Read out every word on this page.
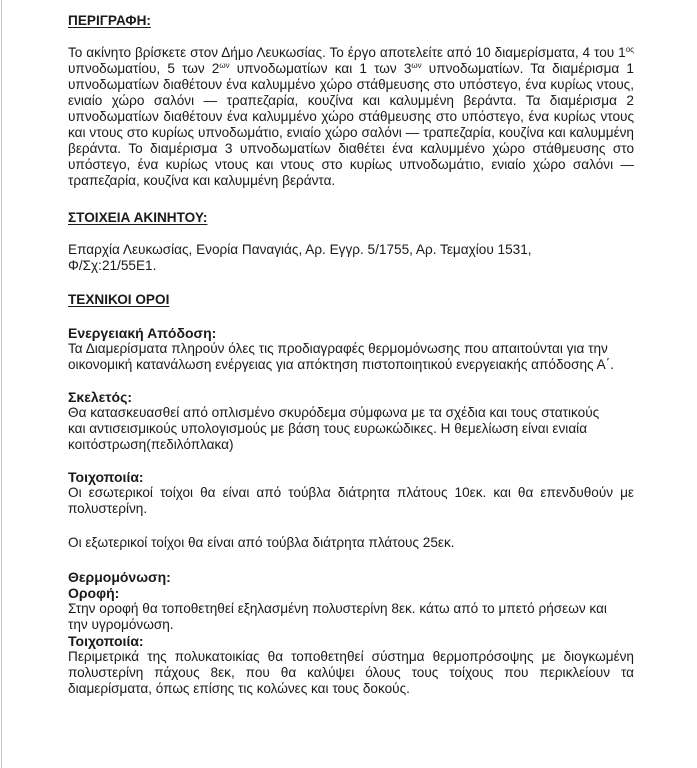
ΠΕΡΙΓΡΑΦΗ:

Το ακίνητο βρίσκετε στον Δήμο Λευκωσίας. Το έργο αποτελείτε από 10 διαμερίσματα, 4 του $1^{o\varsigma}$ υπνοδωματίου, 5 των $2^{\omega\nu}$ υπνοδωματίων και 1 των $3^{\omega\nu}$ υπνοδωματίων. Τα διαμέρισμα 1 υπνοδωματίων διαθέτουν ένα καλυμμένο χώρο στάθμευσης στο υπόστεγο, ένα κυρίως ντους, ενιαίο χώρο σαλόνι — τραπεζαρία, κουζίνα και καλυμμένη βεράντα. Τα διαμέρισμα 2 υπνοδωματίων διαθέτουν ένα καλυμμένο χώρο στάθμευσης στο υπόστεγο, ένα κυρίως ντους και ντους στο κυρίως υπνοδωμάτιο, ενιαίο χώρο σαλόνι — τραπεζαρία, κουζίνα και καλυμμένη βεράντα. Το διαμέρισμα 3 υπνοδωματίων διαθέτει ένα καλυμμένο χώρο στάθμευσης στο υπόστεγο, ένα κυρίως ντους και ντους στο κυρίως υπνοδωμάτιο, ενιαίο χώρο σαλόνι — τραπεζαρία, κουζίνα και καλυμμένη βεράντα.

ΣΤΟΙΧΕΙΑ ΑΚΙΝΗΤΟΥ:
Επαρχία Λευκωσίας, Ενορία Παναγιάς, Αρ. Εγγρ. 5/1755, Αρ. Τεμαχίου 1531,
Φ/Σχ:21/55Ε1.
ΤΕΧΝΙΚΟΙ ΟΡΟΙ
Ενεργειακή Απόδοση:
Τα Διαμερίσματα πληρούν όλες τις προδιαγραφές θερμομόνωσης που απαιτούνται για την
οικονομική κατανάλωση ενέργειας για απόκτηση πιστοποιητικού ενεργειακής απόδοσης Α΄.
Σκελετός:
Θα κατασκευασθεί από οπλισμένο σκυρόδεμα σύμφωνα με τα σχέδια και τους στατικούς
και αντισεισμικούς υπολογισμούς με βάση τους ευρωκώδικες. Η θεμελίωση είναι ενιαία
κοιτόστρωση(πεδιλόπλακα)
Τοιχοποιία:

Οι εσωτερικοί τοίχοι θα είναι από τούβλα διάτρητα πλάτους 10εκ. και θα επενδυθούν με πολυστερίνη.

Οι εξωτερικοί τοίχοι θα είναι από τούβλα διάτρητα πλάτους 25εκ.
Θερμομόνωση:
Οροφή:
Στην οροφή θα τοποθετηθεί εξηλασμένη πολυστερίνη 8εκ. κάτω από το μπετό ρήσεων και
την υγρομόνωση.
Τοιχοποιία:

Περιμετρικά της πολυκατοικίας θα τοποθετηθεί σύστημα θερμοπρόσοψης με διογκωμένη πολυστερίνη πάχους 8εκ, που θα καλύψει όλους τους τοίχους που περικλείουν τα διαμερίσματα, όπως επίσης τις κολώνες και τους δοκούς.
